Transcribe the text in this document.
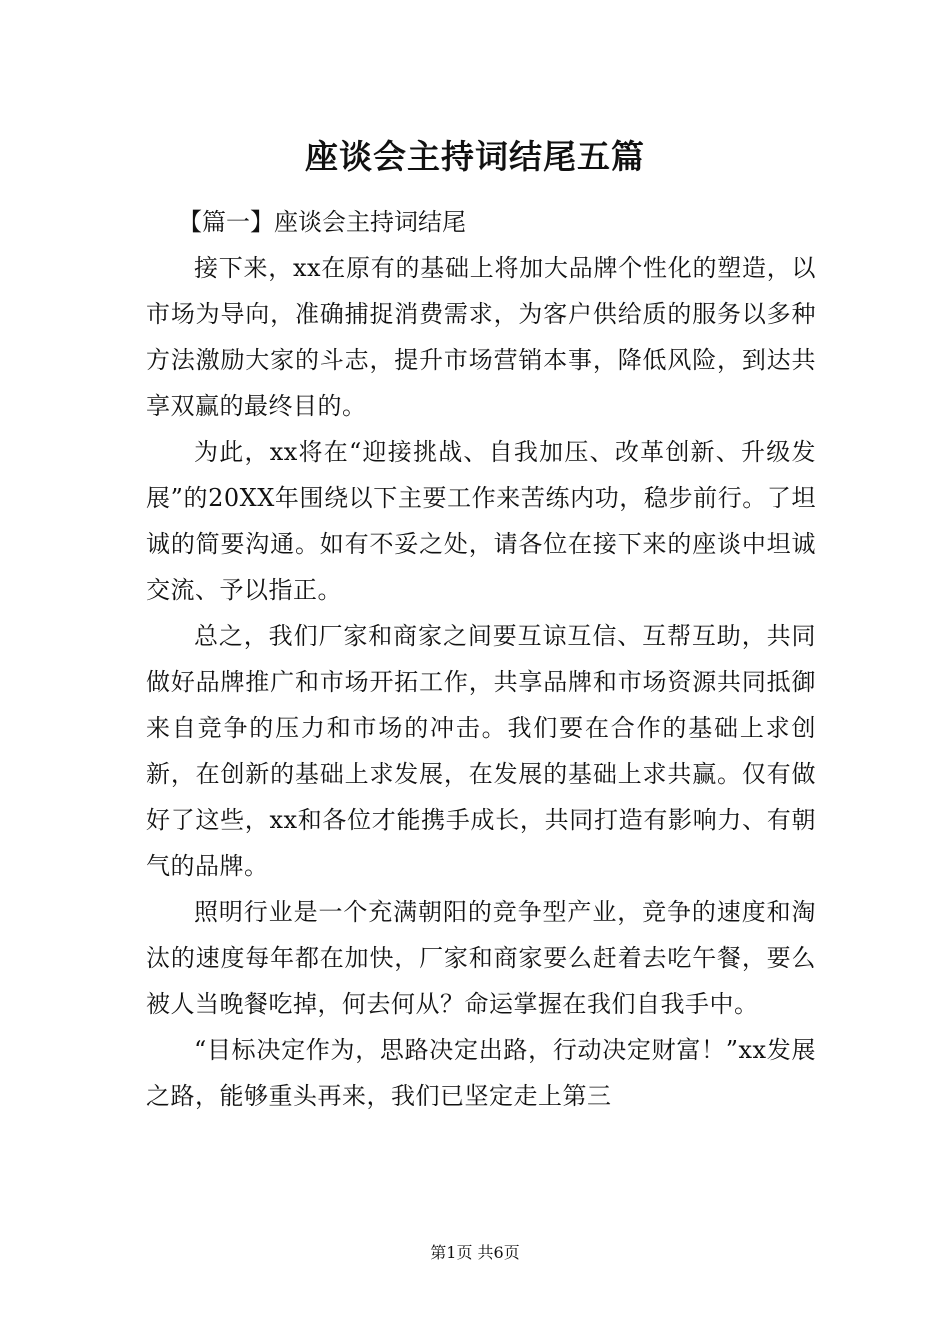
座谈会主持词结尾五篇

【篇一】座谈会主持词结尾

接下来，xx在原有的基础上将加大品牌个性化的塑造，以市场为导向，准确捕捉消费需求，为客户供给质的服务以多种方法激励大家的斗志，提升市场营销本事，降低风险，到达共享双赢的最终目的。

为此，xx将在“迎接挑战、自我加压、改革创新、升级发展”的20XX年围绕以下主要工作来苦练内功，稳步前行。了坦诚的简要沟通。如有不妥之处，请各位在接下来的座谈中坦诚交流、予以指正。

总之，我们厂家和商家之间要互谅互信、互帮互助，共同做好品牌推广和市场开拓工作，共享品牌和市场资源共同抵御来自竞争的压力和市场的冲击。我们要在合作的基础上求创新，在创新的基础上求发展，在发展的基础上求共赢。仅有做好了这些，xx和各位才能携手成长，共同打造有影响力、有朝气的品牌。

照明行业是一个充满朝阳的竞争型产业，竞争的速度和淘汰的速度每年都在加快，厂家和商家要么赶着去吃午餐，要么被人当晚餐吃掉，何去何从？命运掌握在我们自我手中。

“目标决定作为，思路决定出路，行动决定财富！”xx发展之路，能够重头再来，我们已坚定走上第三

第1页 共6页
